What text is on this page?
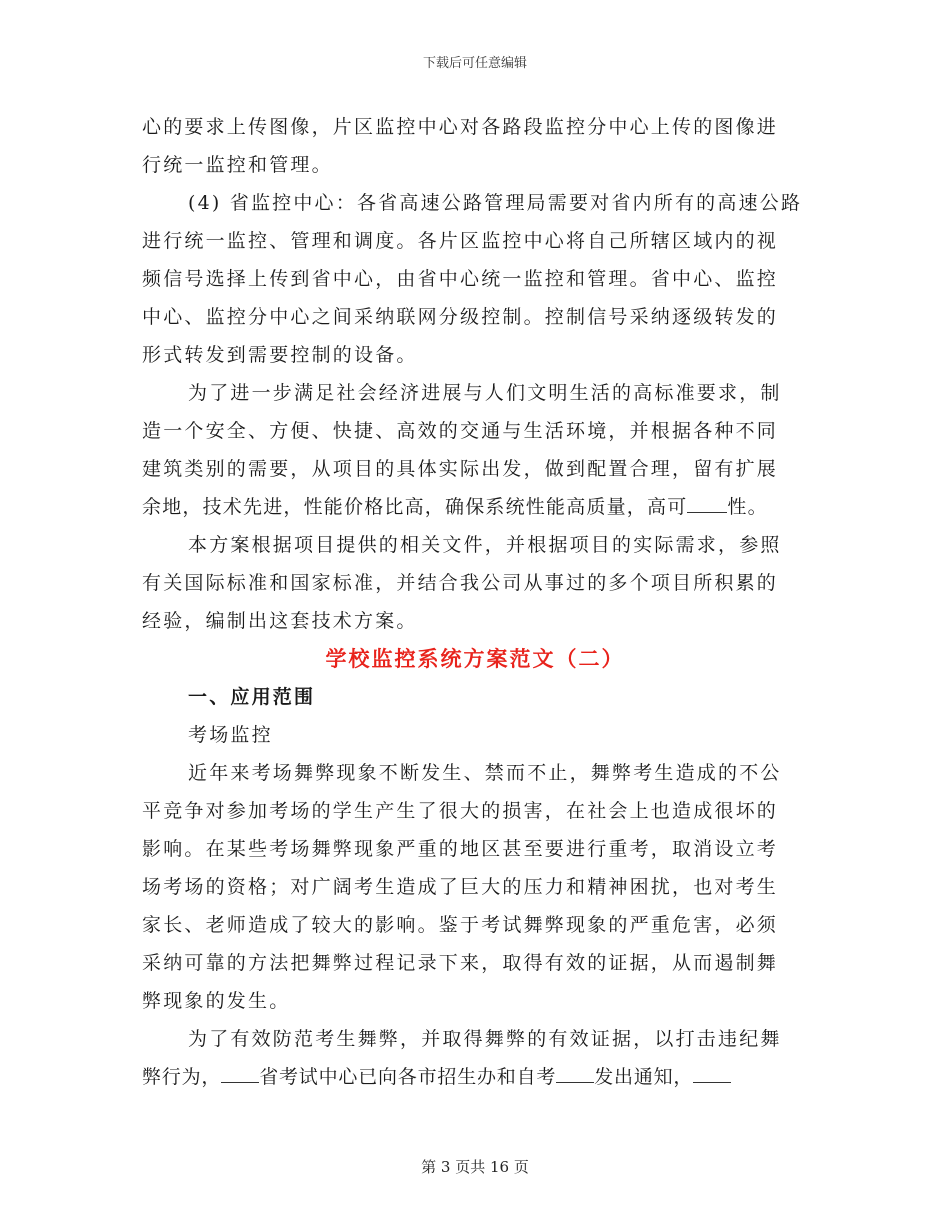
下载后可任意编辑
心的要求上传图像，片区监控中心对各路段监控分中心上传的图像进
行统一监控和管理。
(4) 省监控中心：各省高速公路管理局需要对省内所有的高速公路
进行统一监控、管理和调度。各片区监控中心将自己所辖区域内的视
频信号选择上传到省中心，由省中心统一监控和管理。省中心、监控
中心、监控分中心之间采纳联网分级控制。控制信号采纳逐级转发的
形式转发到需要控制的设备。
为了进一步满足社会经济进展与人们文明生活的高标准要求，制
造一个安全、方便、快捷、高效的交通与生活环境，并根据各种不同
建筑类别的需要，从项目的具体实际出发，做到配置合理，留有扩展
余地，技术先进，性能价格比高，确保系统性能高质量，高可 性。
本方案根据项目提供的相关文件，并根据项目的实际需求，参照
有关国际标准和国家标准，并结合我公司从事过的多个项目所积累的
经验，编制出这套技术方案。
学校监控系统方案范文（二）
一、应用范围
考场监控
近年来考场舞弊现象不断发生、禁而不止，舞弊考生造成的不公
平竞争对参加考场的学生产生了很大的损害，在社会上也造成很坏的
影响。在某些考场舞弊现象严重的地区甚至要进行重考，取消设立考
场考场的资格；对广阔考生造成了巨大的压力和精神困扰，也对考生
家长、老师造成了较大的影响。鉴于考试舞弊现象的严重危害，必须
采纳可靠的方法把舞弊过程记录下来，取得有效的证据，从而遏制舞
弊现象的发生。
为了有效防范考生舞弊，并取得舞弊的有效证据，以打击违纪舞
弊行为， 省考试中心已向各市招生办和自考 发出通知，
第 3 页共 16 页
